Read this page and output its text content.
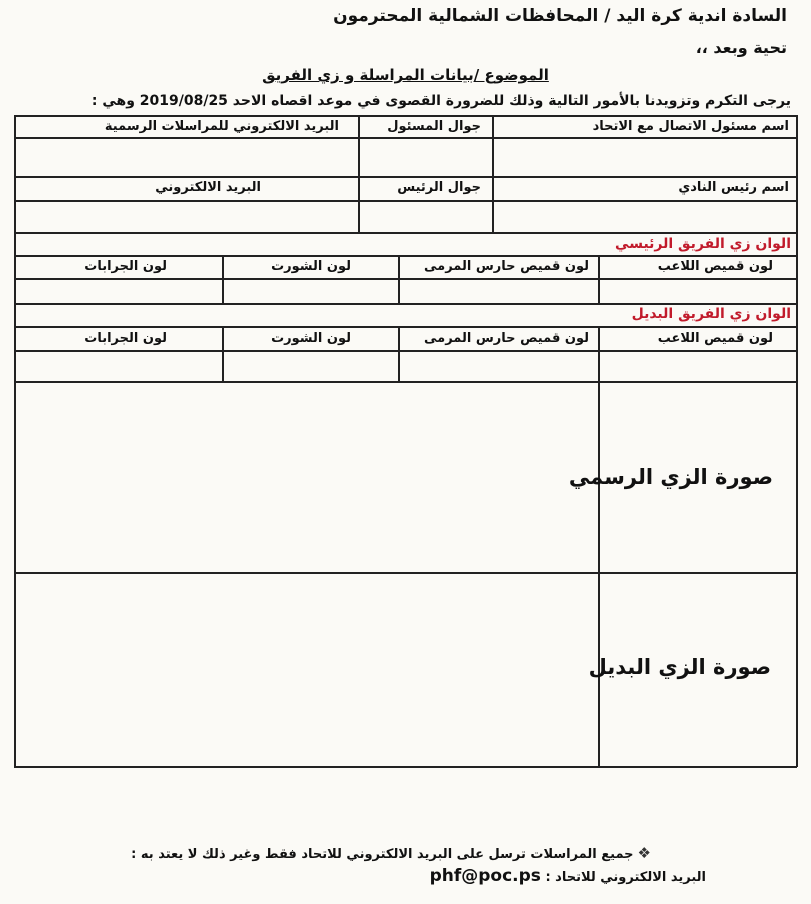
السادة اندية كرة اليد / المحافظات الشمالية المحترمون
تحية وبعد ،،
الموضوع /بيانات المراسلة و زي الفريق
يرجى التكرم وتزويدنا بالأمور التالية وذلك للضرورة القصوى في موعد اقصاه الاحد 2019/08/25 وهي :
اسم مسئول الاتصال مع الاتحاد
جوال المسئول
البريد الالكتروني للمراسلات الرسمية
اسم رئيس النادي
جوال الرئيس
البريد الالكتروني
الوان زي الفريق الرئيسي
لون قميص اللاعب
لون قميص حارس المرمى
لون الشورت
لون الجرابات
الوان زي الفريق البديل
لون قميص اللاعب
لون قميص حارس المرمى
لون الشورت
لون الجرابات
صورة الزي الرسمي
صورة الزي البديل
❖جميع المراسلات ترسل على البريد الالكتروني للاتحاد فقط وغير ذلك لا يعتد به :
البريد الالكتروني للاتحاد : phf@poc.ps
